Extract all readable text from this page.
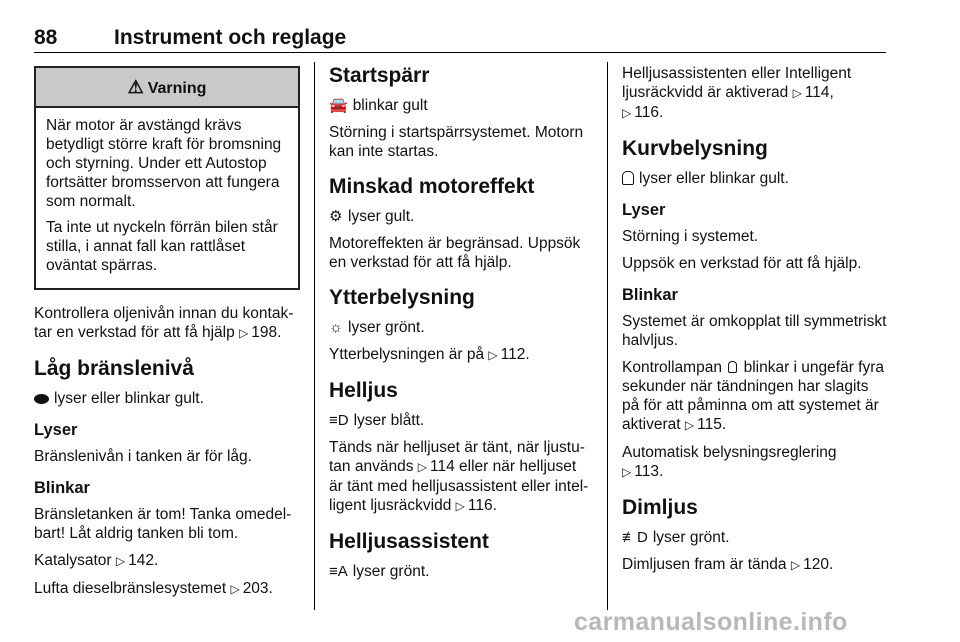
88	Instrument och reglage
⚠ Varning

När motor är avstängd krävs betydligt större kraft för bromsning och styrning. Under ett Autostop fortsätter bromsservon att fungera som normalt.

Ta inte ut nyckeln förrän bilen står stilla, i annat fall kan rattlåset oväntat spärras.

Kontrollera oljenivån innan du kontak-tar en verkstad för att få hjälp ▷ 198.

Låg bränslenivå

lyser eller blinkar gult.

Lyser

Bränslenivån i tanken är för låg.

Blinkar

Bränsletanken är tom! Tanka omedel-bart! Låt aldrig tanken bli tom.

Katalysator ▷ 142.

Lufta dieselbränslesystemet ▷ 203.

Startspärr

🚘 blinkar gult

Störning i startspärrsystemet. Motorn kan inte startas.

Minskad motoreffekt

⚙ lyser gult.

Motoreffekten är begränsad. Uppsök en verkstad för att få hjälp.

Ytterbelysning

☼ lyser grönt.

Ytterbelysningen är på ▷ 112.

Helljus

≡D lyser blått.

Tänds när helljuset är tänt, när ljustu-tan används ▷ 114 eller när helljuset är tänt med helljusassistent eller intel-ligent ljusräckvidd ▷ 116.

Helljusassistent

≡A lyser grönt.

Helljusassistenten eller Intelligent ljusräckvidd är aktiverad ▷ 114,
▷ 116.

Kurvbelysning

lyser eller blinkar gult.

Lyser

Störning i systemet.

Uppsök en verkstad för att få hjälp.

Blinkar

Systemet är omkopplat till symmetriskt halvljus.

Kontrollampan blinkar i ungefär fyra sekunder när tändningen har slagits på för att påminna om att systemet är aktiverat ▷ 115.

Automatisk belysningsreglering
▷ 113.

Dimljus

≢D lyser grönt.

Dimljusen fram är tända ▷ 120.

carmanualsonline.info
